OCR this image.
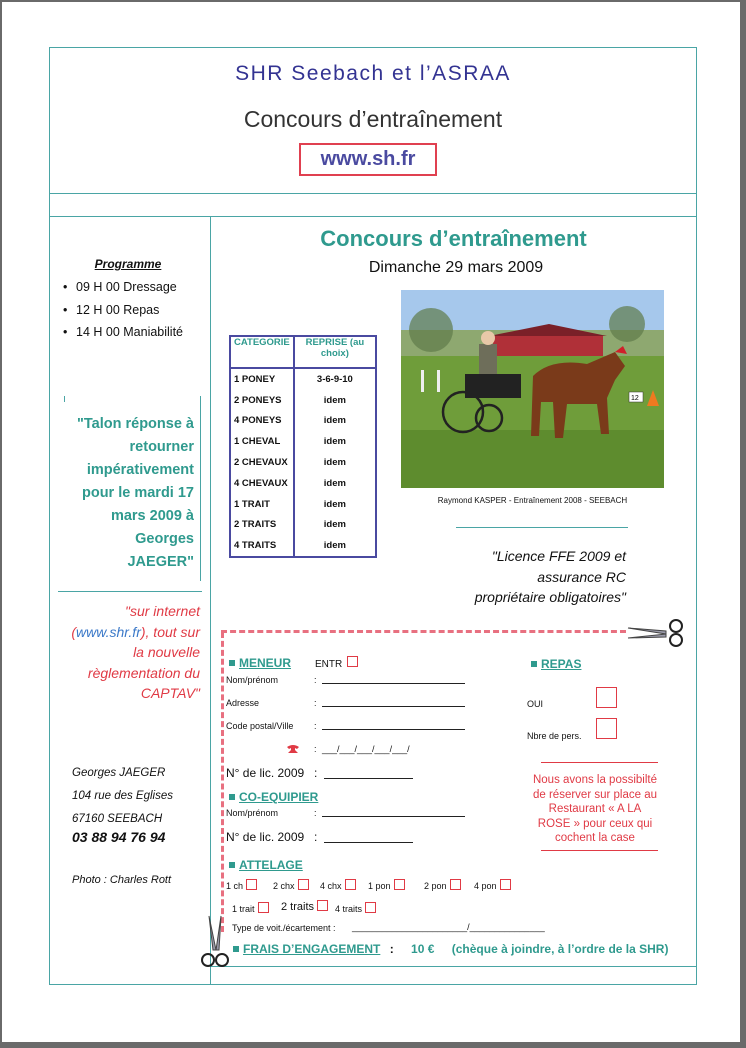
SHR Seebach et l’ASRAA
Concours d’entraînement
www.sh.fr
Programme
• 09 H 00 Dressage
• 12 H 00 Repas
• 14 H 00 Maniabilité
"Talon réponse à
retourner
impérativement
pour le mardi 17
mars 2009 à
Georges
JAEGER"
"sur internet
(www.shr.fr), tout sur
la nouvelle
règlementation du
CAPTAV"
Georges JAEGER
104 rue des Eglises
67160 SEEBACH
03 88 94 76 94
Photo : Charles Rott
Concours d’entraînement
Dimanche 29 mars 2009
CATEGORIE	REPRISE (au choix)
1 PONEY	3-6-9-10
2 PONEYS	idem
4 PONEYS	idem
1 CHEVAL	idem
2 CHEVAUX	idem
4 CHEVAUX	idem
1 TRAIT	idem
2 TRAITS	idem
4 TRAITS	idem
12
Raymond KASPER - Entraînement 2008 - SEEBACH
"Licence FFE 2009 et
assurance RC
propriétaire obligatoires"
MENEUR ENTR
Nom/prénom	:
Adresse	:
Code postal/Ville :
: ___/___/___/___/___/
N° de lic. 2009 :
CO-EQUIPIER
Nom/prénom	:
N° de lic. 2009 :
ATTELAGE
1 ch	2 chx	4 chx	1 pon	2 pon	4 pon
1 trait	2 traits	4 traits
Type de voit./écartement : _______________________/_______________
FRAIS D’ENGAGEMENT : 10 € (chèque à joindre, à l’ordre de la SHR)
REPAS
OUI
Nbre de pers.
Nous avons la possibilté
de réserver sur place au
Restaurant « A LA
ROSE » pour ceux qui
cochent la case
